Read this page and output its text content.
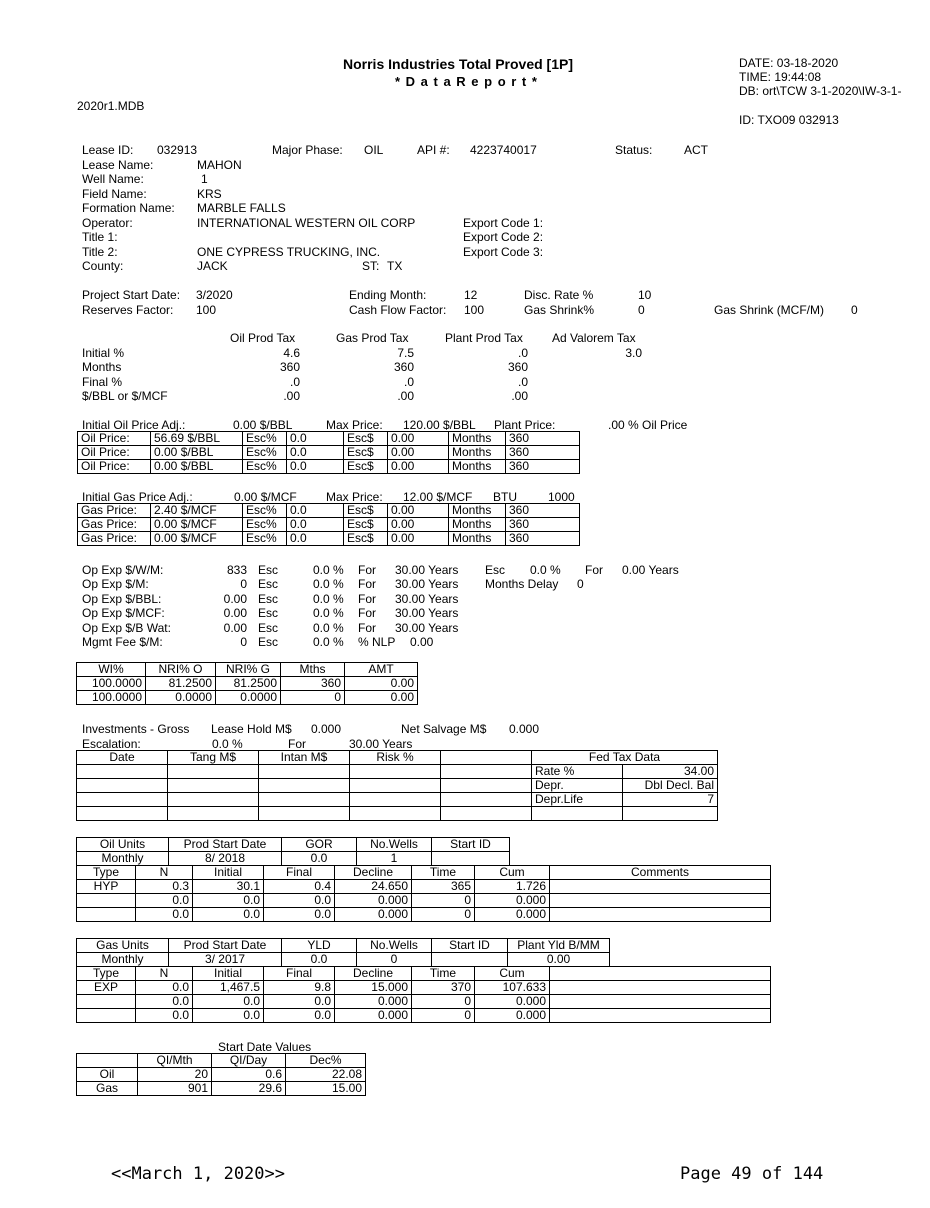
Norris Industries Total Proved [1P]
* D a t a R e p o r t *
2020r1.MDB
DATE: 03-18-2020
TIME: 19:44:08
DB: ort\TCW 3-1-2020\IW-3-1-
ID: TXO09 032913
Lease ID: 032913	Major Phase: OIL	API #: 4223740017	Status:	ACT
Lease Name:	MAHON
Well Name:	1
Field Name:	KRS
Formation Name: MARBLE FALLS
Operator:	INTERNATIONAL WESTERN OIL CORP
Title 1:
Title 2:	ONE CYPRESS TRUCKING, INC.
County:	JACK	ST: TX
Export Code 1:
Export Code 2:
Export Code 3:
Project Start Date: 3/2020
Reserves Factor: 100
Ending Month:	12
Cash Flow Factor: 100
Disc. Rate %	10
Gas Shrink%	0	Gas Shrink (MCF/M) 0
Oil Prod Tax	Gas Prod Tax	Plant Prod Tax Ad Valorem Tax
Initial %	4.6	7.5	.0	3.0
Months	360	360	360
Final %	.0	.0	.0
$/BBL or $/MCF	.00	.00	.00
Initial Oil Price Adj.:	0.00 $/BBL	Max Price: 120.00 $/BBL Plant Price:	.00 % Oil Price
Oil Price:	56.69 $/BBL	Esc%	0.0	Esc$	0.00	Months	360
Oil Price:	0.00 $/BBL	Esc%	0.0	Esc$	0.00	Months	360
Oil Price:	0.00 $/BBL	Esc%	0.0	Esc$	0.00	Months	360
Initial Gas Price Adj.:	0.00 $/MCF Max Price: 12.00 $/MCF BTU	1000
Gas Price:	2.40 $/MCF	Esc%	0.0	Esc$	0.00	Months	360
Gas Price:	0.00 $/MCF	Esc%	0.0	Esc$	0.00	Months	360
Gas Price:	0.00 $/MCF	Esc%	0.0	Esc$	0.00	Months	360
Op Exp $/W/M:	833 Esc	0.0 % For 30.00 Years
Op Exp $/M:	0 Esc	0.0 % For 30.00 Years
Op Exp $/BBL:	0.00 Esc	0.0 % For 30.00 Years
Op Exp $/MCF:	0.00 Esc	0.0 % For 30.00 Years
Op Exp $/B Wat:	0.00 Esc	0.0 % For 30.00 Years
Mgmt Fee $/M:	0 Esc	0.0 % % NLP 0.00
Esc 0.0 % For 0.00 Years
Months Delay 0
WI%	NRI% O	NRI% G	Mths	AMT
100.0000	81.2500	81.2500	360	0.00
100.0000	0.0000	0.0000	0	0.00
Investments - Gross Lease Hold M$ 0.000	Net Salvage M$ 0.000
Escalation:	0.0 %	For	30.00 Years
Date	Tang M$	Intan M$	Risk %		Fed Tax Data	
					Rate %	34.00
					Depr.	Dbl Decl. Bal
					Depr.Life	7

Oil Units	Prod Start Date	GOR	No.Wells	Start ID
Monthly	8/ 2018	0.0	1	
Type	N	Initial	Final	Decline	Time	Cum	Comments
HYP	0.3	30.1	0.4	24.650	365	1.726	
	0.0	0.0	0.0	0.000	0	0.000	
	0.0	0.0	0.0	0.000	0	0.000	
Gas Units	Prod Start Date	YLD	No.Wells	Start ID	Plant Yld B/MM
Monthly	3/ 2017	0.0	0		0.00
Type	N	Initial	Final	Decline	Time	Cum	
EXP	0.0	1,467.5	9.8	15.000	370	107.633	
	0.0	0.0	0.0	0.000	0	0.000	
	0.0	0.0	0.0	0.000	0	0.000	
Start Date Values
	QI/Mth	QI/Day	Dec%
Oil	20	0.6	22.08
Gas	901	29.6	15.00
<<March 1, 2020>>	Page 49 of 144
